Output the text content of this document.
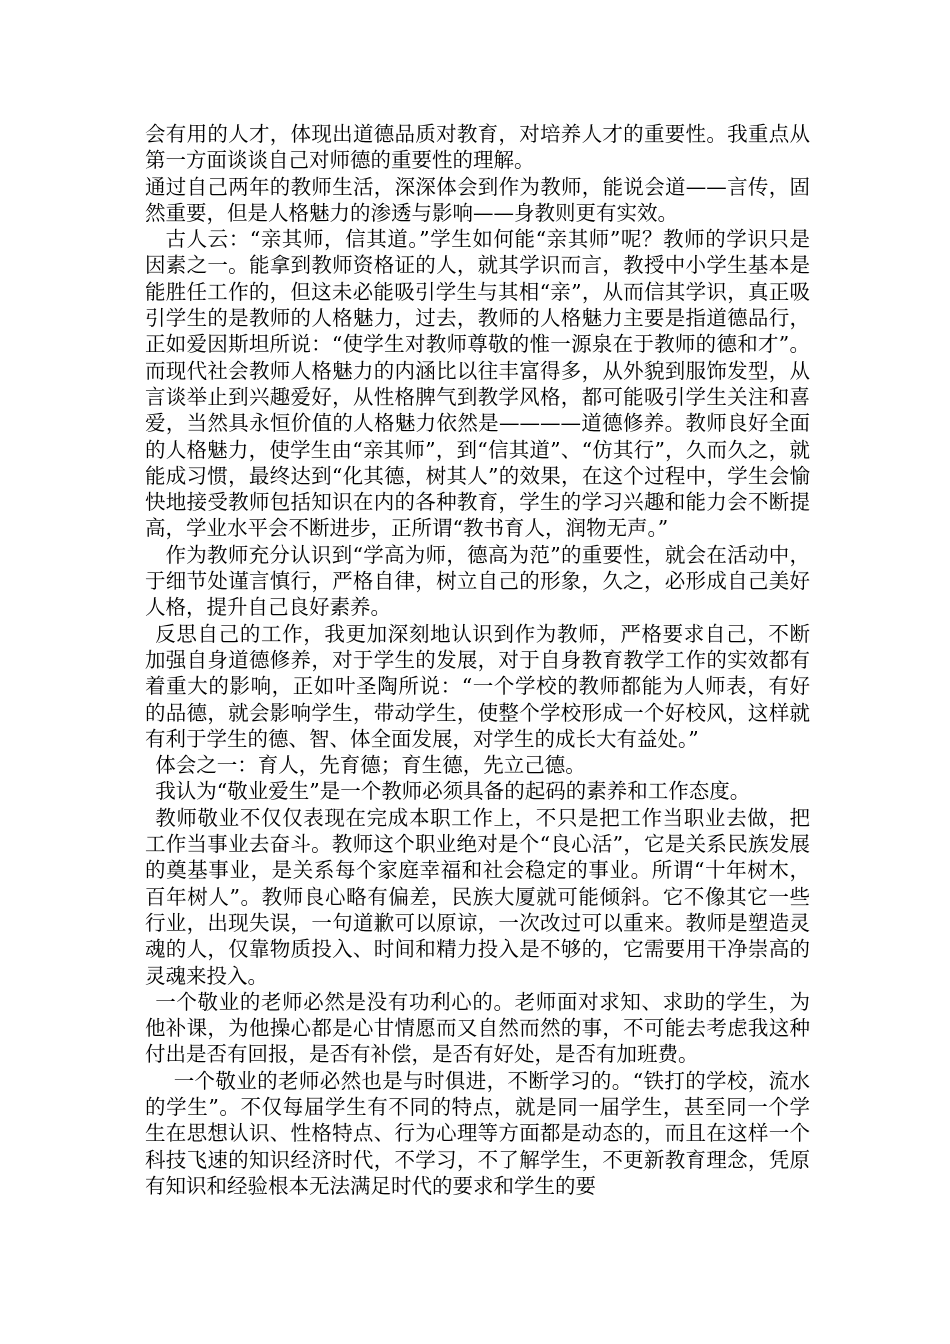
会有用的人才，体现出道德品质对教育，对培养人才的重要性。我重点从第一方面谈谈自己对师德的重要性的理解。

通过自己两年的教师生活，深深体会到作为教师，能说会道——言传，固然重要，但是人格魅力的渗透与影响——身教则更有实效。

古人云：“亲其师，信其道。”学生如何能“亲其师”呢？教师的学识只是因素之一。能拿到教师资格证的人，就其学识而言，教授中小学生基本是能胜任工作的，但这未必能吸引学生与其相“亲”，从而信其学识，真正吸引学生的是教师的人格魅力，过去，教师的人格魅力主要是指道德品行，正如爱因斯坦所说：“使学生对教师尊敬的惟一源泉在于教师的德和才”。而现代社会教师人格魅力的内涵比以往丰富得多，从外貌到服饰发型，从言谈举止到兴趣爱好，从性格脾气到教学风格，都可能吸引学生关注和喜爱，当然具永恒价值的人格魅力依然是————道德修养。教师良好全面的人格魅力，使学生由“亲其师”，到“信其道”、“仿其行”，久而久之，就能成习惯，最终达到“化其德，树其人”的效果，在这个过程中，学生会愉快地接受教师包括知识在内的各种教育，学生的学习兴趣和能力会不断提高，学业水平会不断进步，正所谓“教书育人，润物无声。”

作为教师充分认识到“学高为师，德高为范”的重要性，就会在活动中，于细节处谨言慎行，严格自律，树立自己的形象，久之，必形成自己美好人格，提升自己良好素养。

反思自己的工作，我更加深刻地认识到作为教师，严格要求自己，不断加强自身道德修养，对于学生的发展，对于自身教育教学工作的实效都有着重大的影响，正如叶圣陶所说：“一个学校的教师都能为人师表，有好的品德，就会影响学生，带动学生，使整个学校形成一个好校风，这样就有利于学生的德、智、体全面发展，对学生的成长大有益处。”

体会之一：育人，先育德；育生德，先立己德。

我认为“敬业爱生”是一个教师必须具备的起码的素养和工作态度。

教师敬业不仅仅表现在完成本职工作上，不只是把工作当职业去做，把工作当事业去奋斗。教师这个职业绝对是个“良心活”，它是关系民族发展的奠基事业，是关系每个家庭幸福和社会稳定的事业。所谓“十年树木，百年树人”。教师良心略有偏差，民族大厦就可能倾斜。它不像其它一些行业，出现失误，一句道歉可以原谅，一次改过可以重来。教师是塑造灵魂的人，仅靠物质投入、时间和精力投入是不够的，它需要用干净崇高的灵魂来投入。

一个敬业的老师必然是没有功利心的。老师面对求知、求助的学生，为他补课，为他操心都是心甘情愿而又自然而然的事，不可能去考虑我这种付出是否有回报，是否有补偿，是否有好处，是否有加班费。

一个敬业的老师必然也是与时俱进，不断学习的。“铁打的学校，流水的学生”。不仅每届学生有不同的特点，就是同一届学生，甚至同一个学生在思想认识、性格特点、行为心理等方面都是动态的，而且在这样一个科技飞速的知识经济时代，不学习，不了解学生，不更新教育理念，凭原有知识和经验根本无法满足时代的要求和学生的要
